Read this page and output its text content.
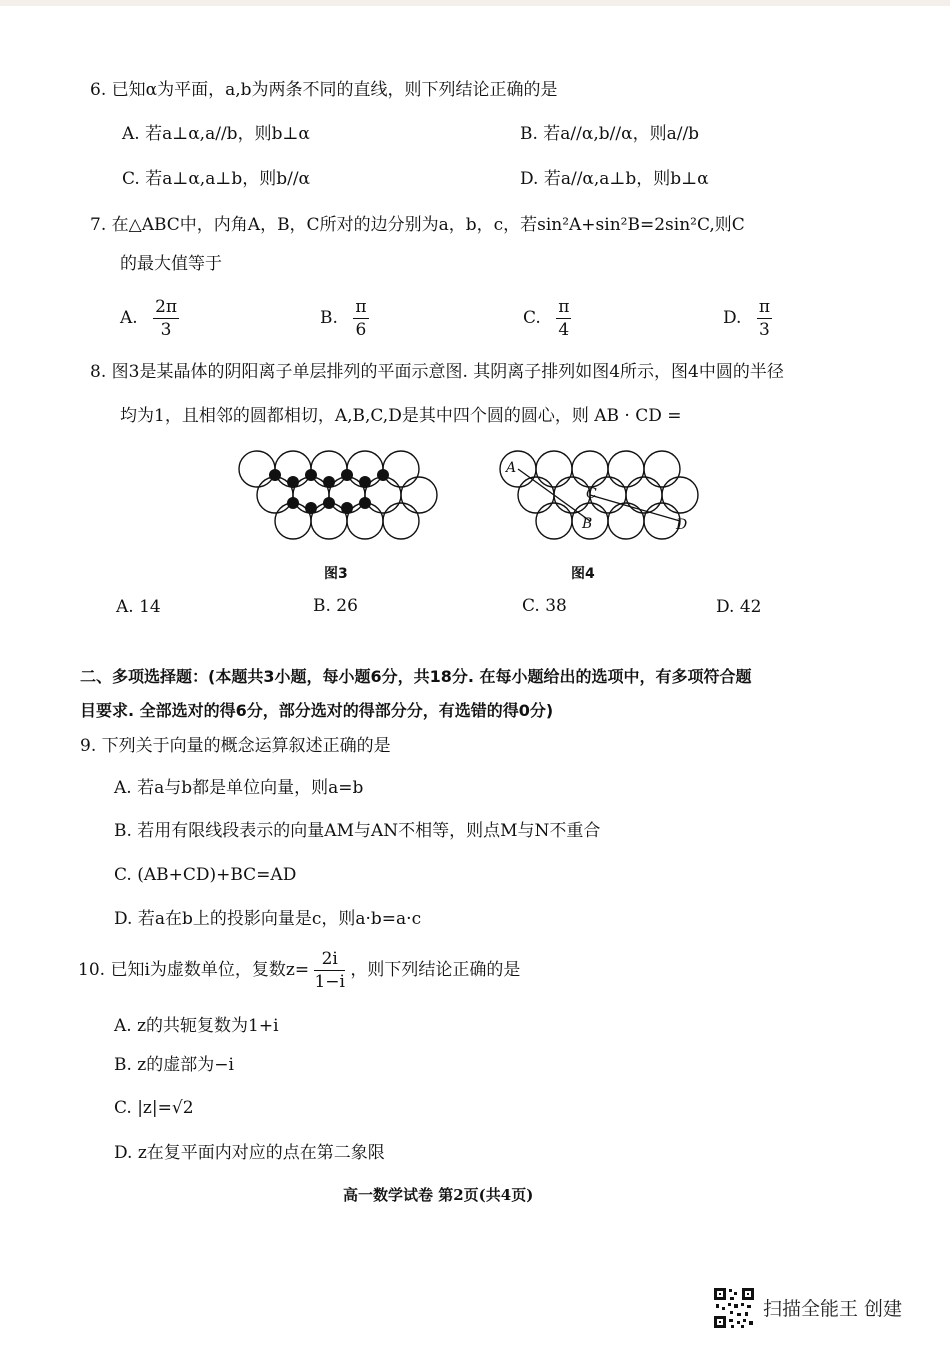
6. 已知α为平面，a,b为两条不同的直线，则下列结论正确的是
A. 若a⊥α,a//b，则b⊥α	B. 若a//α,b//α，则a//b
C. 若a⊥α,a⊥b，则b//α	D. 若a//α,a⊥b，则b⊥α
7. 在△ABC中，内角A，B，C所对的边分别为a，b，c，若sin²A+sin²B=2sin²C,则C
的最大值等于
A. $\frac{2\pi}{3}$	B. $\frac{\pi}{6}$	C. $\frac{\pi}{4}$	D. $\frac{\pi}{3}$
8. 图3是某晶体的阴阳离子单层排列的平面示意图. 其阴离子排列如图4所示，图4中圆的半径
均为1，且相邻的圆都相切，A,B,C,D是其中四个圆的圆心，则 AB · CD =
图3
A
B
C
D
图4
A. 14	B. 26	C. 38	D. 42
二、多项选择题：(本题共3小题，每小题6分，共18分. 在每小题给出的选项中，有多项符合题
目要求. 全部选对的得6分，部分选对的得部分分，有选错的得0分)
9. 下列关于向量的概念运算叙述正确的是
A. 若a与b都是单位向量，则a=b
B. 若用有限线段表示的向量AM与AN不相等，则点M与N不重合
C. (AB+CD)+BC=AD
D. 若a在b上的投影向量是c，则a·b=a·c
10. 已知i为虚数单位，复数$z= \frac{2i}{1-i}$ ，则下列结论正确的是
A. z的共轭复数为1+i
B. z的虚部为−i
C. |z|=√2
D. z在复平面内对应的点在第二象限
高一数学试卷 第2页(共4页)
扫描全能王 创建
